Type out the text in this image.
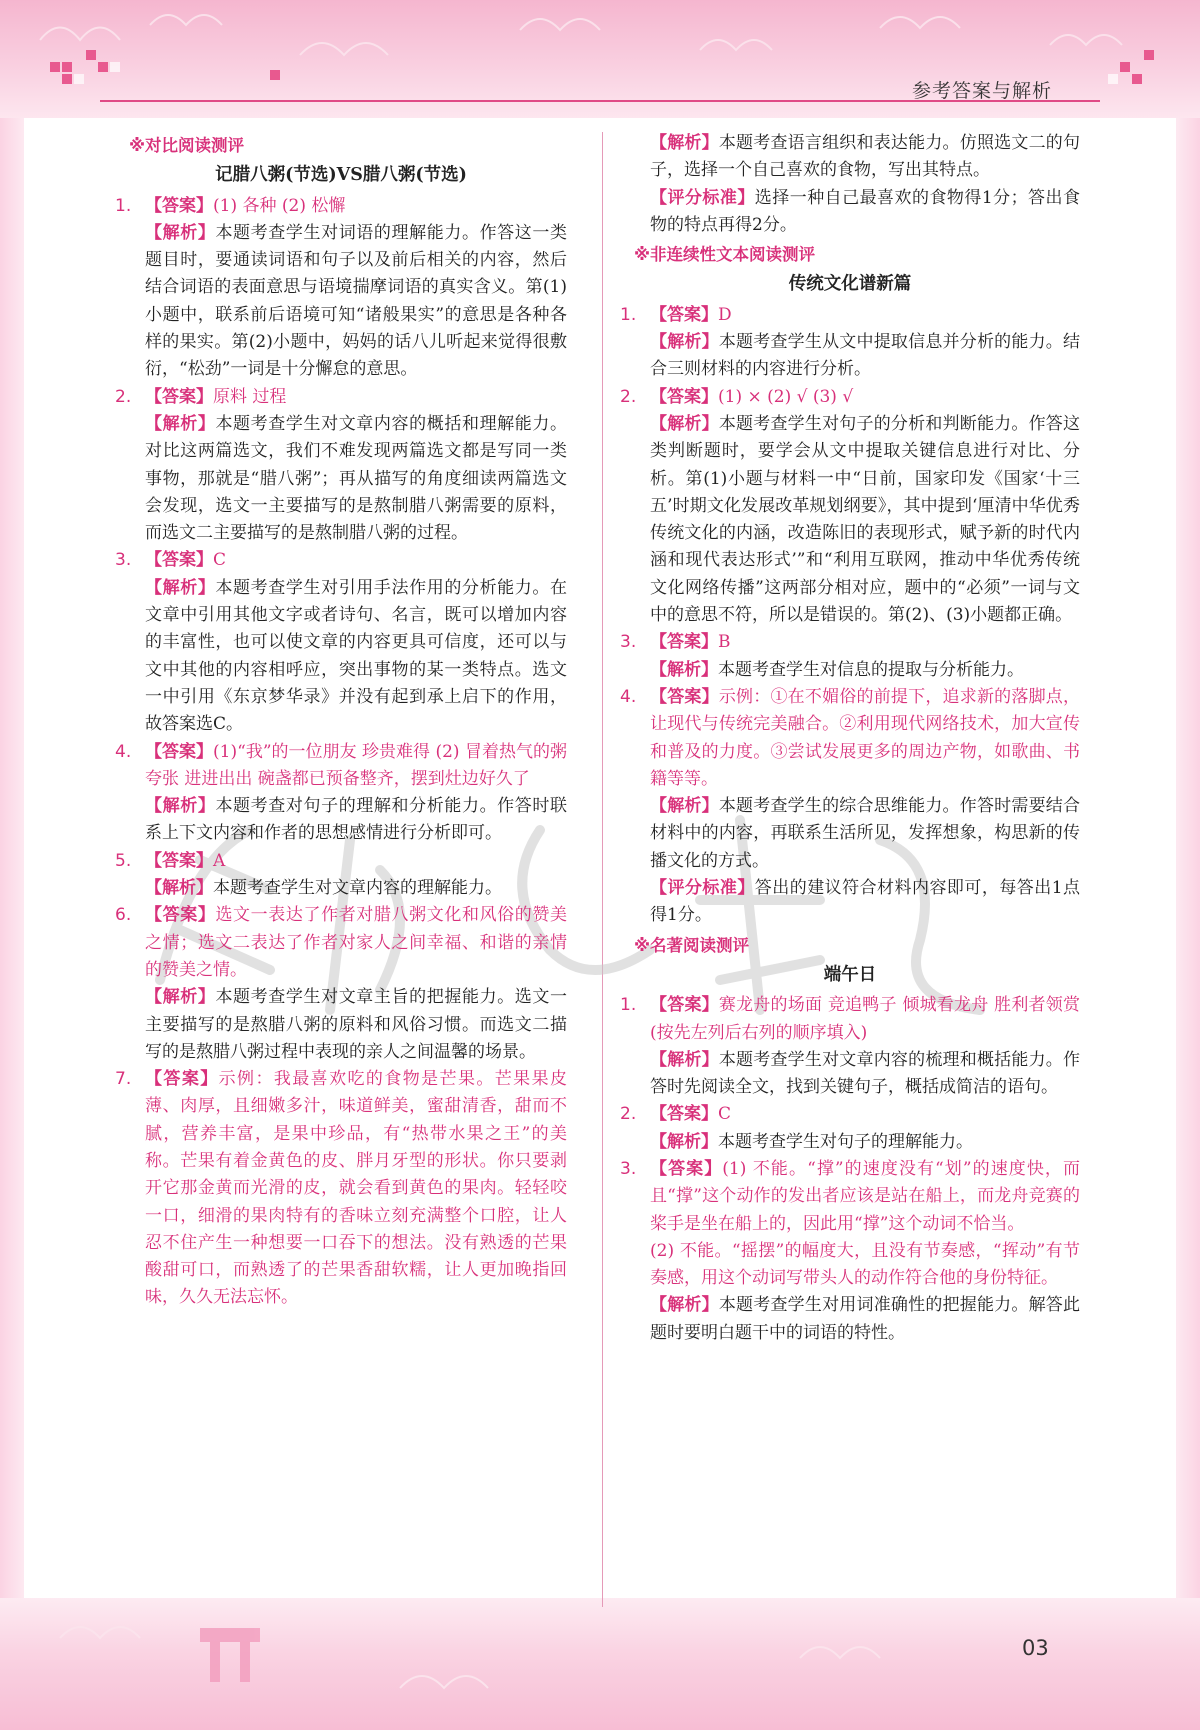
参考答案与解析
03
※对比阅读测评
记腊八粥(节选)VS腊八粥(节选)
1. 【答案】(1) 各种 (2) 松懈

【解析】本题考查学生对词语的理解能力。作答这一类题目时，要通读词语和句子以及前后相关的内容，然后结合词语的表面意思与语境揣摩词语的真实含义。第(1)小题中，联系前后语境可知“诸般果实”的意思是各种各样的果实。第(2)小题中，妈妈的话八儿听起来觉得很敷衍，“松劲”一词是十分懈怠的意思。

2. 【答案】原料 过程

【解析】本题考查学生对文章内容的概括和理解能力。对比这两篇选文，我们不难发现两篇选文都是写同一类事物，那就是“腊八粥”；再从描写的角度细读两篇选文会发现，选文一主要描写的是熬制腊八粥需要的原料，而选文二主要描写的是熬制腊八粥的过程。

3. 【答案】C

【解析】本题考查学生对引用手法作用的分析能力。在文章中引用其他文字或者诗句、名言，既可以增加内容的丰富性，也可以使文章的内容更具可信度，还可以与文中其他的内容相呼应，突出事物的某一类特点。选文一中引用《东京梦华录》并没有起到承上启下的作用，故答案选C。

4. 【答案】(1)“我”的一位朋友 珍贵难得 (2) 冒着热气的粥 夸张 进进出出 碗盏都已预备整齐，摆到灶边好久了

【解析】本题考查对句子的理解和分析能力。作答时联系上下文内容和作者的思想感情进行分析即可。

5. 【答案】A

【解析】本题考查学生对文章内容的理解能力。

6. 【答案】选文一表达了作者对腊八粥文化和风俗的赞美之情；选文二表达了作者对家人之间幸福、和谐的亲情的赞美之情。

【解析】本题考查学生对文章主旨的把握能力。选文一主要描写的是熬腊八粥的原料和风俗习惯。而选文二描写的是熬腊八粥过程中表现的亲人之间温馨的场景。

7. 【答案】示例：我最喜欢吃的食物是芒果。芒果果皮薄、肉厚，且细嫩多汁，味道鲜美，蜜甜清香，甜而不腻，营养丰富，是果中珍品，有“热带水果之王”的美称。芒果有着金黄色的皮、胖月牙型的形状。你只要剥开它那金黄而光滑的皮，就会看到黄色的果肉。轻轻咬一口，细滑的果肉特有的香味立刻充满整个口腔，让人忍不住产生一种想要一口吞下的想法。没有熟透的芒果酸甜可口，而熟透了的芒果香甜软糯，让人更加晚指回味，久久无法忘怀。

【解析】本题考查语言组织和表达能力。仿照选文二的句子，选择一个自己喜欢的食物，写出其特点。

【评分标准】选择一种自己最喜欢的食物得1分；答出食物的特点再得2分。

※非连续性文本阅读测评
传统文化谱新篇
1. 【答案】D

【解析】本题考查学生从文中提取信息并分析的能力。结合三则材料的内容进行分析。

2. 【答案】(1) × (2) √ (3) √

【解析】本题考查学生对句子的分析和判断能力。作答这类判断题时，要学会从文中提取关键信息进行对比、分析。第(1)小题与材料一中“日前，国家印发《国家‘十三五’时期文化发展改革规划纲要》，其中提到‘厘清中华优秀传统文化的内涵，改造陈旧的表现形式，赋予新的时代内涵和现代表达形式’”和“利用互联网，推动中华优秀传统文化网络传播”这两部分相对应，题中的“必须”一词与文中的意思不符，所以是错误的。第(2)、(3)小题都正确。

3. 【答案】B

【解析】本题考查学生对信息的提取与分析能力。

4. 【答案】示例：①在不媚俗的前提下，追求新的落脚点，让现代与传统完美融合。②利用现代网络技术，加大宣传和普及的力度。③尝试发展更多的周边产物，如歌曲、书籍等等。

【解析】本题考查学生的综合思维能力。作答时需要结合材料中的内容，再联系生活所见，发挥想象，构思新的传播文化的方式。

【评分标准】答出的建议符合材料内容即可，每答出1点得1分。

※名著阅读测评
端午日
1. 【答案】赛龙舟的场面 竞追鸭子 倾城看龙舟 胜利者领赏(按先左列后右列的顺序填入)

【解析】本题考查学生对文章内容的梳理和概括能力。作答时先阅读全文，找到关键句子，概括成简洁的语句。

2. 【答案】C

【解析】本题考查学生对句子的理解能力。

3. 【答案】(1) 不能。“撑”的速度没有“划”的速度快，而且“撑”这个动作的发出者应该是站在船上，而龙舟竞赛的桨手是坐在船上的，因此用“撑”这个动词不恰当。

(2) 不能。“摇摆”的幅度大，且没有节奏感，“挥动”有节奏感，用这个动词写带头人的动作符合他的身份特征。

【解析】本题考查学生对用词准确性的把握能力。解答此题时要明白题干中的词语的特性。
